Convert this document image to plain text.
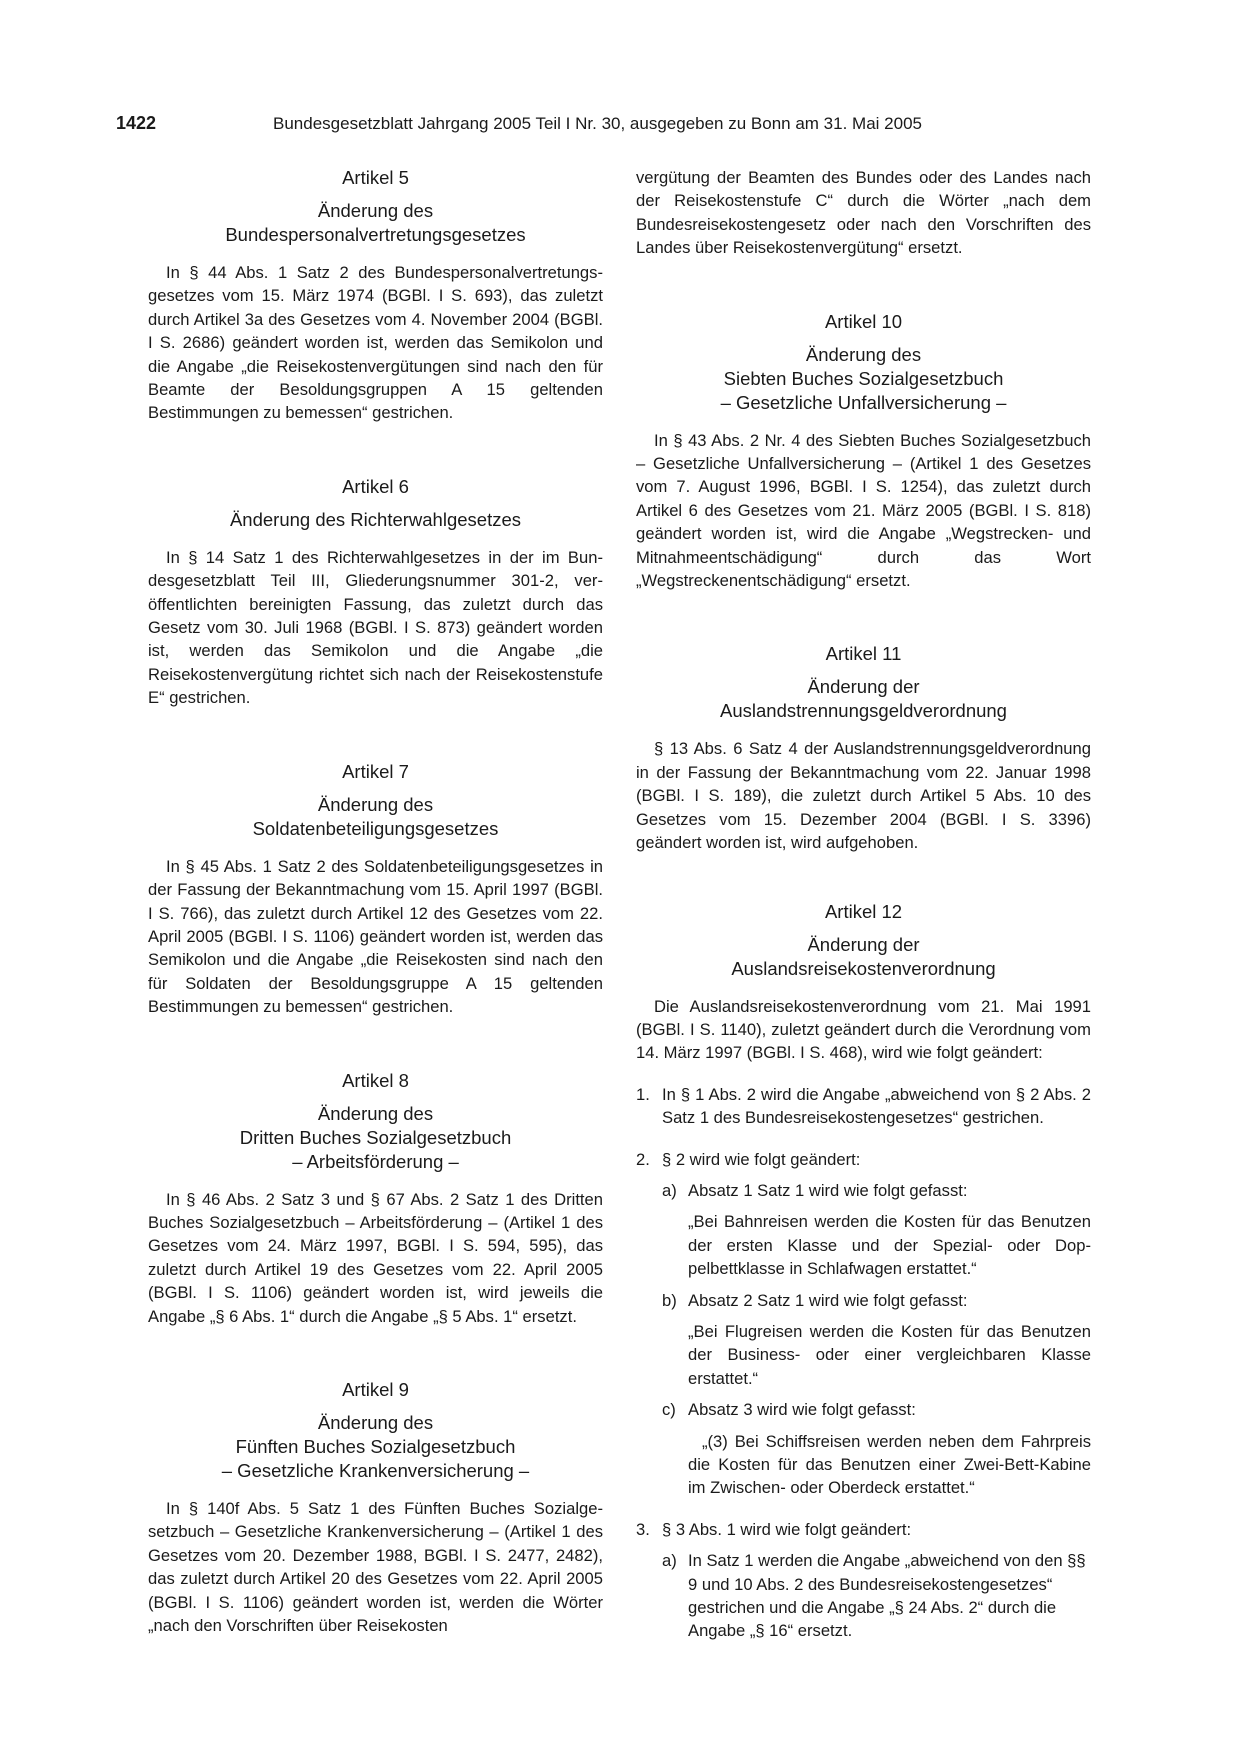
1422	Bundesgesetzblatt Jahrgang 2005 Teil I Nr. 30, ausgegeben zu Bonn am 31. Mai 2005

Artikel 5

Änderung des
Bundespersonalvertretungsgesetzes

In § 44 Abs. 1 Satz 2 des Bundespersonalvertretungsgesetzes vom 15. März 1974 (BGBl. I S. 693), das zuletzt durch Artikel 3a des Gesetzes vom 4. November 2004 (BGBl. I S. 2686) geändert worden ist, werden das Semikolon und die Angabe „die Reisekostenvergütungen sind nach den für Beamte der Besoldungsgruppen A 15 geltenden Bestimmungen zu bemessen“ gestrichen.

Artikel 6

Änderung des Richterwahlgesetzes

In § 14 Satz 1 des Richterwahlgesetzes in der im Bundesgesetzblatt Teil III, Gliederungsnummer 301-2, veröffentlichten bereinigten Fassung, das zuletzt durch das Gesetz vom 30. Juli 1968 (BGBl. I S. 873) geändert worden ist, werden das Semikolon und die Angabe „die Reisekostenvergütung richtet sich nach der Reisekostenstufe E“ gestrichen.

Artikel 7

Änderung des
Soldatenbeteiligungsgesetzes

In § 45 Abs. 1 Satz 2 des Soldatenbeteiligungsgesetzes in der Fassung der Bekanntmachung vom 15. April 1997 (BGBl. I S. 766), das zuletzt durch Artikel 12 des Gesetzes vom 22. April 2005 (BGBl. I S. 1106) geändert worden ist, werden das Semikolon und die Angabe „die Reisekosten sind nach den für Soldaten der Besoldungsgruppe A 15 geltenden Bestimmungen zu bemessen“ gestrichen.

Artikel 8

Änderung des
Dritten Buches Sozialgesetzbuch
– Arbeitsförderung –

In § 46 Abs. 2 Satz 3 und § 67 Abs. 2 Satz 1 des Dritten Buches Sozialgesetzbuch – Arbeitsförderung – (Artikel 1 des Gesetzes vom 24. März 1997, BGBl. I S. 594, 595), das zuletzt durch Artikel 19 des Gesetzes vom 22. April 2005 (BGBl. I S. 1106) geändert worden ist, wird jeweils die Angabe „§ 6 Abs. 1“ durch die Angabe „§ 5 Abs. 1“ ersetzt.

Artikel 9

Änderung des
Fünften Buches Sozialgesetzbuch
– Gesetzliche Krankenversicherung –

In § 140f Abs. 5 Satz 1 des Fünften Buches Sozialgesetzbuch – Gesetzliche Krankenversicherung – (Artikel 1 des Gesetzes vom 20. Dezember 1988, BGBl. I S. 2477, 2482), das zuletzt durch Artikel 20 des Gesetzes vom 22. April 2005 (BGBl. I S. 1106) geändert worden ist, werden die Wörter „nach den Vorschriften über Reisekosten

vergütung der Beamten des Bundes oder des Landes nach der Reisekostenstufe C“ durch die Wörter „nach dem Bundesreisekostengesetz oder nach den Vorschriften des Landes über Reisekostenvergütung“ ersetzt.

Artikel 10

Änderung des
Siebten Buches Sozialgesetzbuch
– Gesetzliche Unfallversicherung –

In § 43 Abs. 2 Nr. 4 des Siebten Buches Sozialgesetzbuch – Gesetzliche Unfallversicherung – (Artikel 1 des Gesetzes vom 7. August 1996, BGBl. I S. 1254), das zuletzt durch Artikel 6 des Gesetzes vom 21. März 2005 (BGBl. I S. 818) geändert worden ist, wird die Angabe „Wegstrecken- und Mitnahmeentschädigung“ durch das Wort „Wegstreckenentschädigung“ ersetzt.

Artikel 11

Änderung der
Auslandstrennungsgeldverordnung

§ 13 Abs. 6 Satz 4 der Auslandstrennungsgeldverordnung in der Fassung der Bekanntmachung vom 22. Januar 1998 (BGBl. I S. 189), die zuletzt durch Artikel 5 Abs. 10 des Gesetzes vom 15. Dezember 2004 (BGBl. I S. 3396) geändert worden ist, wird aufgehoben.

Artikel 12

Änderung der
Auslandsreisekostenverordnung

Die Auslandsreisekostenverordnung vom 21. Mai 1991 (BGBl. I S. 1140), zuletzt geändert durch die Verordnung vom 14. März 1997 (BGBl. I S. 468), wird wie folgt geändert:

1. In § 1 Abs. 2 wird die Angabe „abweichend von § 2 Abs. 2 Satz 1 des Bundesreisekostengesetzes“ gestrichen.
2. § 2 wird wie folgt geändert:
a) Absatz 1 Satz 1 wird wie folgt gefasst:

„Bei Bahnreisen werden die Kosten für das Benutzen der ersten Klasse und der Spezial- oder Doppelbettklasse in Schlafwagen erstattet.“

b) Absatz 2 Satz 1 wird wie folgt gefasst:

„Bei Flugreisen werden die Kosten für das Benutzen der Business- oder einer vergleichbaren Klasse erstattet.“

c) Absatz 3 wird wie folgt gefasst:

„(3) Bei Schiffsreisen werden neben dem Fahrpreis die Kosten für das Benutzen einer Zwei-Bett-Kabine im Zwischen- oder Oberdeck erstattet.“

3. § 3 Abs. 1 wird wie folgt geändert:
a) In Satz 1 werden die Angabe „abweichend von den §§ 9 und 10 Abs. 2 des Bundesreisekostengesetzes“ gestrichen und die Angabe „§ 24 Abs. 2“ durch die Angabe „§ 16“ ersetzt.
